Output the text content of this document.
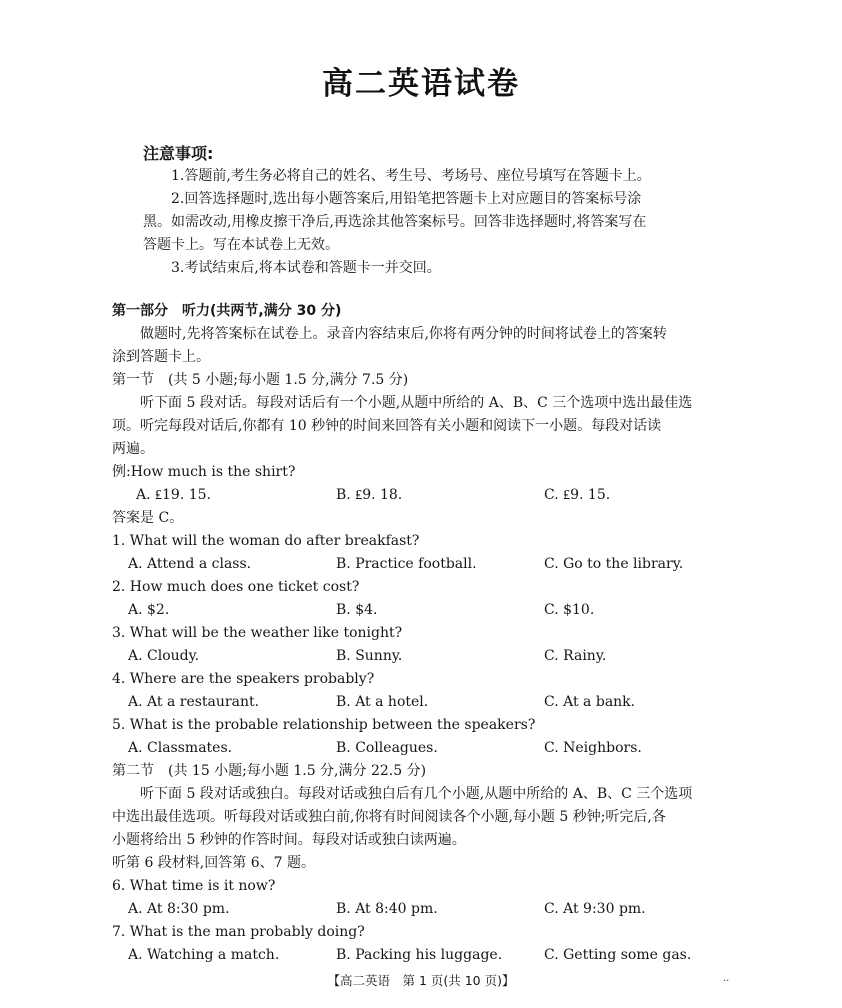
高二英语试卷
注意事项:
1.答题前,考生务必将自己的姓名、考生号、考场号、座位号填写在答题卡上。
2.回答选择题时,选出每小题答案后,用铅笔把答题卡上对应题目的答案标号涂
黑。如需改动,用橡皮擦干净后,再选涂其他答案标号。回答非选择题时,将答案写在
答题卡上。写在本试卷上无效。
3.考试结束后,将本试卷和答题卡一并交回。
第一部分　听力(共两节,满分 30 分)
做题时,先将答案标在试卷上。录音内容结束后,你将有两分钟的时间将试卷上的答案转
涂到答题卡上。
第一节　(共 5 小题;每小题 1.5 分,满分 7.5 分)
听下面 5 段对话。每段对话后有一个小题,从题中所给的 A、B、C 三个选项中选出最佳选
项。听完每段对话后,你都有 10 秒钟的时间来回答有关小题和阅读下一小题。每段对话读
两遍。
例:How much is the shirt?
A. ₤19. 15.	B. ₤9. 18.	C. ₤9. 15.
答案是 C。
1. What will the woman do after breakfast?
A. Attend a class.	B. Practice football.	C. Go to the library.
2. How much does one ticket cost?
A. $2.	B. $4.	C. $10.
3. What will be the weather like tonight?
A. Cloudy.	B. Sunny.	C. Rainy.
4. Where are the speakers probably?
A. At a restaurant.	B. At a hotel.	C. At a bank.
5. What is the probable relationship between the speakers?
A. Classmates.	B. Colleagues.	C. Neighbors.
第二节　(共 15 小题;每小题 1.5 分,满分 22.5 分)
听下面 5 段对话或独白。每段对话或独白后有几个小题,从题中所给的 A、B、C 三个选项
中选出最佳选项。听每段对话或独白前,你将有时间阅读各个小题,每小题 5 秒钟;听完后,各
小题将给出 5 秒钟的作答时间。每段对话或独白读两遍。
听第 6 段材料,回答第 6、7 题。
6. What time is it now?
A. At 8:30 pm.	B. At 8:40 pm.	C. At 9:30 pm.
7. What is the man probably doing?
A. Watching a match.	B. Packing his luggage.	C. Getting some gas.
【高二英语　第 1 页(共 10 页)】	··
